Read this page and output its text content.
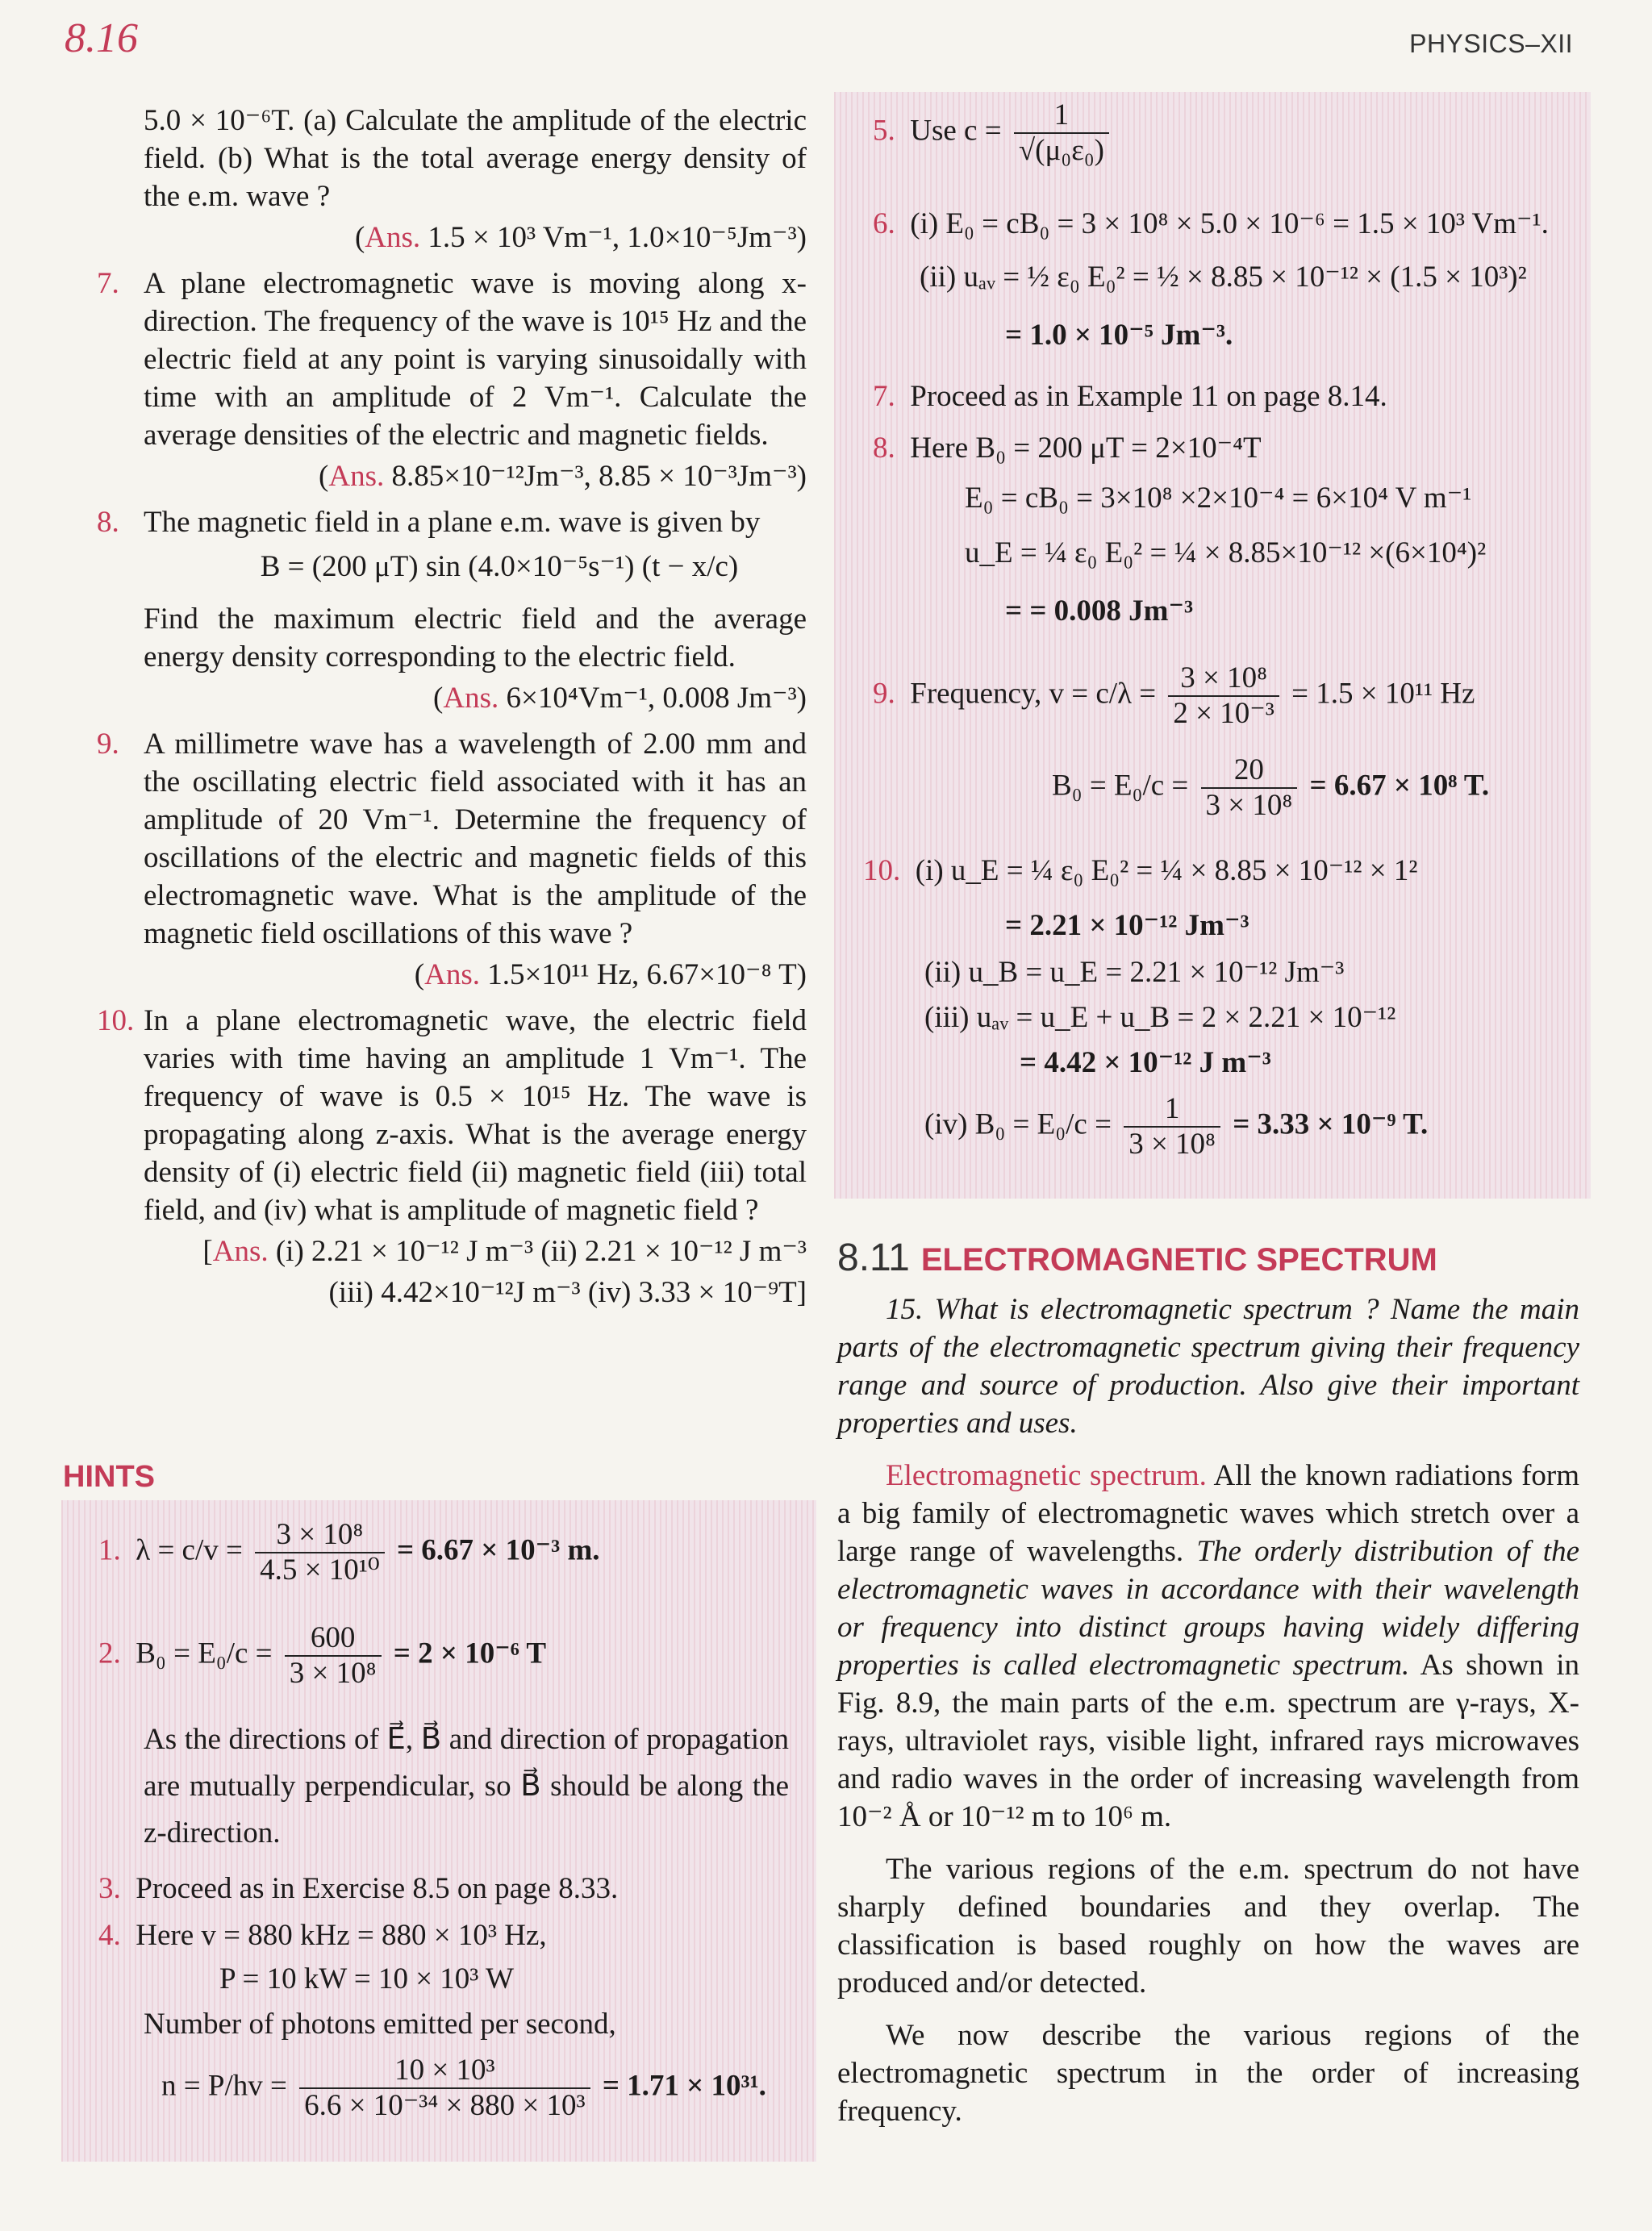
8.16	PHYSICS–XII

5.0 × 10⁻⁶T. (a) Calculate the amplitude of the electric field. (b) What is the total average energy density of the e.m. wave ?

(Ans. 1.5 × 10³ Vm⁻¹, 1.0×10⁻⁵Jm⁻³)

7. A plane electromagnetic wave is moving along x-direction. The frequency of the wave is 10¹⁵ Hz and the electric field at any point is varying sinusoidally with time with an amplitude of 2 Vm⁻¹. Calculate the average densities of the electric and magnetic fields.

(Ans. 8.85×10⁻¹²Jm⁻³, 8.85 × 10⁻³Jm⁻³)

8. The magnetic field in a plane e.m. wave is given by

B = (200 μT) sin (4.0×10⁻⁵s⁻¹) (t − x/c)

Find the maximum electric field and the average energy density corresponding to the electric field.

(Ans. 6×10⁴Vm⁻¹, 0.008 Jm⁻³)

9. A millimetre wave has a wavelength of 2.00 mm and the oscillating electric field associated with it has an amplitude of 20 Vm⁻¹. Determine the frequency of oscillations of the electric and magnetic fields of this electromagnetic wave. What is the amplitude of the magnetic field oscillations of this wave ?

(Ans. 1.5×10¹¹ Hz, 6.67×10⁻⁸ T)

10. In a plane electromagnetic wave, the electric field varies with time having an amplitude 1 Vm⁻¹. The frequency of wave is 0.5 × 10¹⁵ Hz. The wave is propagating along z-axis. What is the average energy density of (i) electric field (ii) magnetic field (iii) total field, and (iv) what is amplitude of magnetic field ?

[Ans. (i) 2.21 × 10⁻¹² J m⁻³ (ii) 2.21 × 10⁻¹² J m⁻³

(iii) 4.42×10⁻¹²J m⁻³ (iv) 3.33 × 10⁻⁹T]

HINTS
1. $\lambda = c/v = \frac{\text{3 × 10⁸}}{\text{4.5 × 10¹⁰}} = 6.67 \times 10^{-3}$ m.
2. $B_0 = E_0/c = \frac{600}{\text{3 × 10⁸}} = 2 \times 10^{-6}$ T

As the directions of E⃗, B⃗ and direction of propagation are mutually perpendicular, so B⃗ should be along the z-direction.

3. Proceed as in Exercise 8.5 on page 8.33.
4. Here v = 880 kHz = 880 × 10³ Hz,

P = 10 kW = 10 × 10³ W

Number of photons emitted per second,

$n = P/hv = \frac{\text{10 × 10³}}{\text{6.6 × 10⁻³⁴ × 880 × 10³}} = 1.71 \times 10^{31}$.
5. Use $c = \frac{1}{\text{√(μ₀ε₀)}}$
6. (i) E₀ = cB₀ = 3 × 10⁸ × 5.0 × 10⁻⁶ = 1.5 × 10³ Vm⁻¹.

(ii) uₐᵥ = ½ ε₀ E₀² = ½ × 8.85 × 10⁻¹² × (1.5 × 10³)²

= 1.0 × 10⁻⁵ Jm⁻³.

7. Proceed as in Example 11 on page 8.14.
8. Here B₀ = 200 μT = 2×10⁻⁴T

E₀ = cB₀ = 3×10⁸ ×2×10⁻⁴ = 6×10⁴ V m⁻¹

u_E = ¼ ε₀ E₀² = ¼ × 8.85×10⁻¹² ×(6×10⁴)²

= = 0.008 Jm⁻³

9. Frequency, $v = c/\lambda = \frac{\text{3 × 10⁸}}{\text{2 × 10⁻³}} = 1.5 \times 10^{11}$ Hz
$B_0 = E_0/c = \frac{20}{\text{3 × 10⁸}} = 6.67 \times 10^8$ T.
10. (i) u_E = ¼ ε₀ E₀² = ¼ × 8.85 × 10⁻¹² × 1²

= 2.21 × 10⁻¹² Jm⁻³

(ii) u_B = u_E = 2.21 × 10⁻¹² Jm⁻³

(iii) uₐᵥ = u_E + u_B = 2 × 2.21 × 10⁻¹²

= 4.42 × 10⁻¹² J m⁻³

(iv) $B_0 = E_0/c = \frac{1}{\text{3 × 10⁸}} = 3.33 \times 10^{-9}$ T.
8.11 ELECTROMAGNETIC SPECTRUM

15. What is electromagnetic spectrum ? Name the main parts of the electromagnetic spectrum giving their frequency range and source of production. Also give their important properties and uses.

Electromagnetic spectrum. All the known radiations form a big family of electromagnetic waves which stretch over a large range of wavelengths. The orderly distribution of the electromagnetic waves in accordance with their wavelength or frequency into distinct groups having widely differing properties is called electromagnetic spectrum. As shown in Fig. 8.9, the main parts of the e.m. spectrum are γ-rays, X-rays, ultraviolet rays, visible light, infrared rays microwaves and radio waves in the order of increasing wavelength from 10⁻² Å or 10⁻¹² m to 10⁶ m.

The various regions of the e.m. spectrum do not have sharply defined boundaries and they overlap. The classification is based roughly on how the waves are produced and/or detected.

We now describe the various regions of the electromagnetic spectrum in the order of increasing frequency.
